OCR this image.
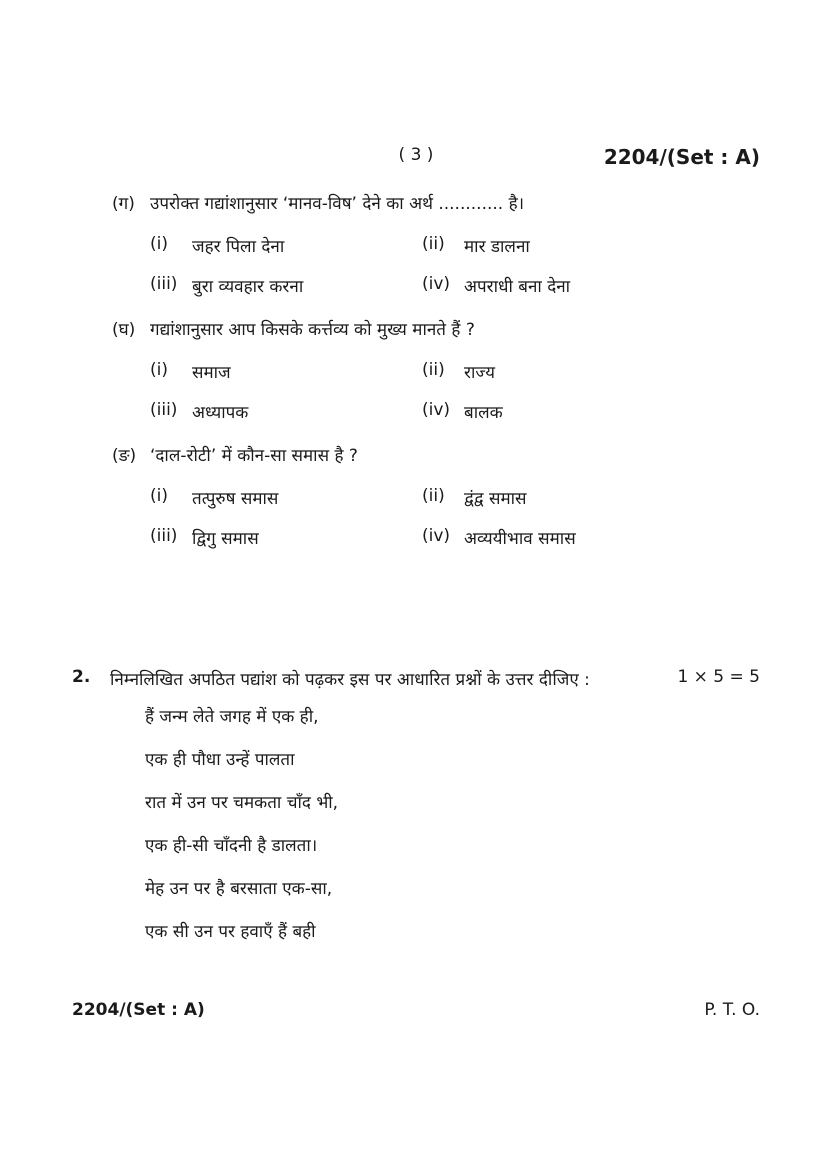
( 3 )	2204/(Set : A)
(ग) उपरोक्त गद्यांशानुसार ‘मानव-विष’ देने का अर्थ ............ है।
(i)	जहर पिला देना	(ii)	मार डालना
(iii) बुरा व्यवहार करना	(iv) अपराधी बना देना
(घ) गद्यांशानुसार आप किसके कर्त्तव्य को मुख्य मानते हैं ?
(i)	समाज	(ii)	राज्य
(iii) अध्यापक	(iv) बालक
(ङ) ‘दाल-रोटी’ में कौन-सा समास है ?
(i)	तत्पुरुष समास	(ii)	द्वंद्व समास
(iii) द्विगु समास	(iv) अव्ययीभाव समास
2.	निम्नलिखित अपठित पद्यांश को पढ़कर इस पर आधारित प्रश्नों के उत्तर दीजिए :	1 × 5 = 5
हैं जन्म लेते जगह में एक ही,
एक ही पौधा उन्हें पालता
रात में उन पर चमकता चाँद भी,
एक ही-सी चाँदनी है डालता।
मेह उन पर है बरसाता एक-सा,
एक सी उन पर हवाएँ हैं बही
2204/(Set : A)	P. T. O.
